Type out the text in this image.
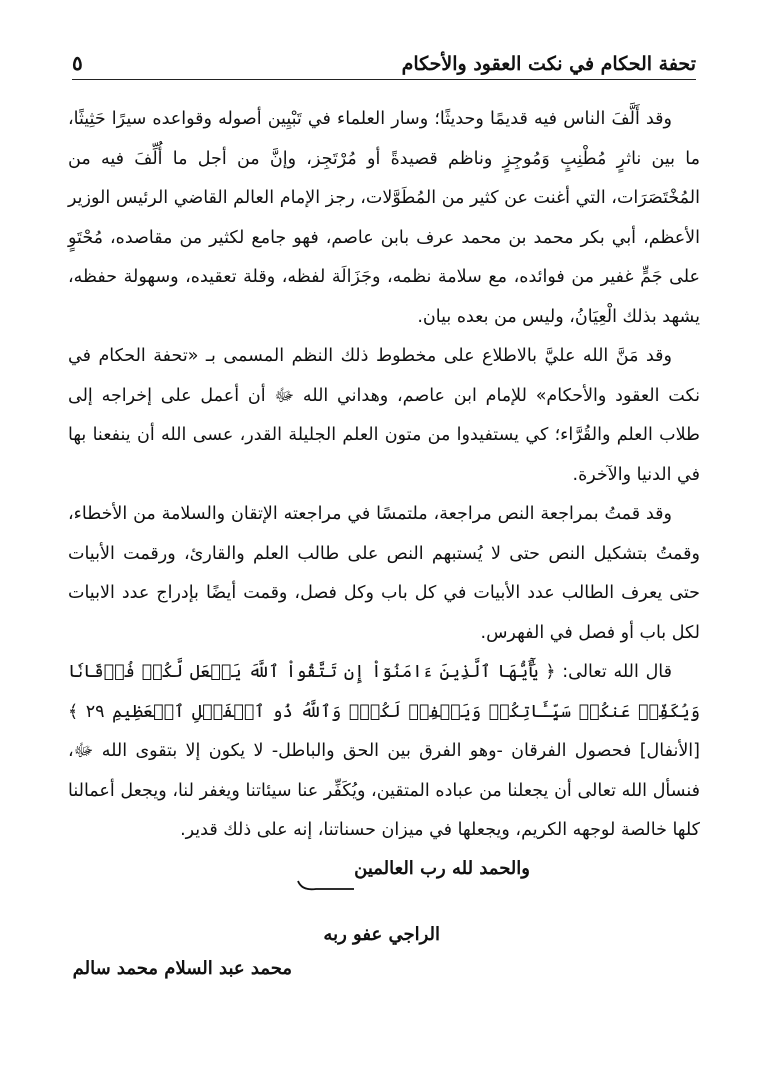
تحفة الحكام في نكت العقود والأحكام
٥

وقد أَلَّفَ الناس فيه قديمًا وحديثًا؛ وسار العلماء في تَبْيِين أصوله وقواعده سيرًا حَثِيثًا، ما بين ناثرٍ مُطْنِبٍ وَمُوجِزٍ وناظم قصيدةً أو مُرْتَجِز، وإنَّ من أجل ما أُلِّفَ فيه من المُخْتَصَرَات، التي أغنت عن كثير من المُطَوَّلات، رجز الإمام العالم القاضي الرئيس الوزير الأعظم، أبي بكر محمد بن محمد عرف بابن عاصم، فهو جامع لكثير من مقاصده، مُحْتَوٍ على جَمٍّ غفير من فوائده، مع سلامة نظمه، وجَزَالَة لفظه، وقلة تعقيده، وسهولة حفظه، يشهد بذلك الْعِيَانُ، وليس من بعده بيان.

وقد مَنَّ الله عليَّ بالاطلاع على مخطوط ذلك النظم المسمى بـ «تحفة الحكام في نكت العقود والأحكام» للإمام ابن عاصم، وهداني الله ﷻ أن أعمل على إخراجه إلى طلاب العلم والقُرَّاء؛ كي يستفيدوا من متون العلم الجليلة القدر، عسى الله أن ينفعنا بها في الدنيا والآخرة.

وقد قمتُ بمراجعة النص مراجعة، ملتمسًا في مراجعته الإتقان والسلامة من الأخطاء، وقمتُ بتشكيل النص حتى لا يُستبهم النص على طالب العلم والقارئ، ورقمت الأبيات حتى يعرف الطالب عدد الأبيات في كل باب وكل فصل، وقمت أيضًا بإدراج عدد الابيات لكل باب أو فصل في الفهرس.

قال الله تعالى: ﴿ يَٰٓأَيُّهَا ٱلَّذِينَ ءَامَنُوٓاْ إِن تَتَّقُواْ ٱللَّهَ يَجۡعَل لَّكُمۡ فُرۡقَانٗا وَيُكَفِّرۡ عَنكُمۡ سَيِّـَٔاتِكُمۡ وَيَغۡفِرۡ لَكُمۡۗ وَٱللَّهُ ذُو ٱلۡفَضۡلِ ٱلۡعَظِيمِ ٢٩ ﴾ [الأنفال] فحصول الفرقان -وهو الفرق بين الحق والباطل- لا يكون إلا بتقوى الله ﷻ، فنسأل الله تعالى أن يجعلنا من عباده المتقين، ويُكَفِّر عنا سيئاتنا ويغفر لنا، ويجعل أعمالنا كلها خالصة لوجهه الكريم، ويجعلها في ميزان حسناتنا، إنه على ذلك قدير.

والحمد لله رب العالمين
الراجي عفو ربه
محمد عبد السلام محمد سالم
